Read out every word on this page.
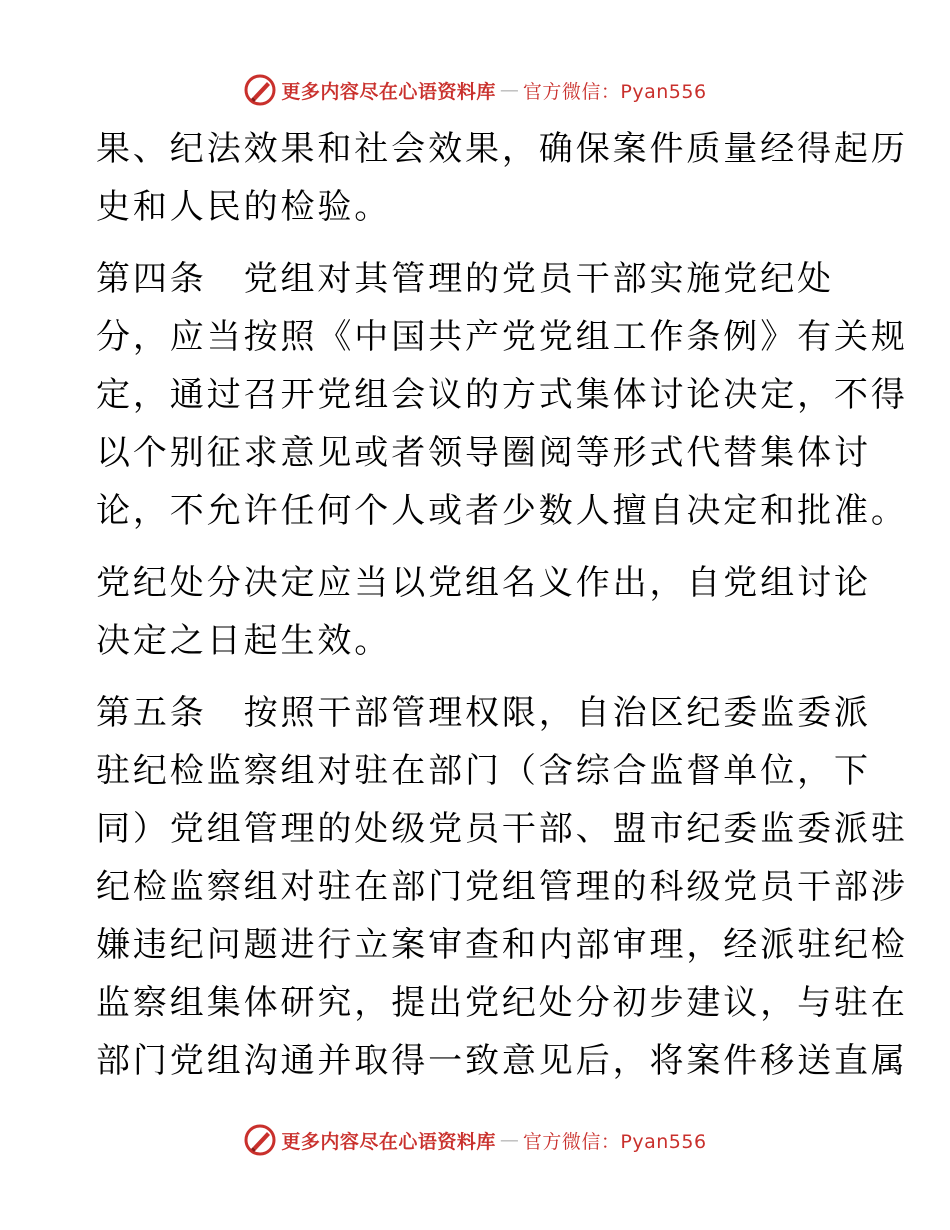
更多内容尽在心语资料库 — 官方微信：Pyan556
果、纪法效果和社会效果，确保案件质量经得起历
史和人民的检验。
第四条　党组对其管理的党员干部实施党纪处
分，应当按照《中国共产党党组工作条例》有关规
定，通过召开党组会议的方式集体讨论决定，不得
以个别征求意见或者领导圈阅等形式代替集体讨
论，不允许任何个人或者少数人擅自决定和批准。
党纪处分决定应当以党组名义作出，自党组讨论
决定之日起生效。
第五条　按照干部管理权限，自治区纪委监委派
驻纪检监察组对驻在部门（含综合监督单位，下
同）党组管理的处级党员干部、盟市纪委监委派驻
纪检监察组对驻在部门党组管理的科级党员干部涉
嫌违纪问题进行立案审查和内部审理，经派驻纪检
监察组集体研究，提出党纪处分初步建议，与驻在
部门党组沟通并取得一致意见后，将案件移送直属
更多内容尽在心语资料库 — 官方微信：Pyan556
